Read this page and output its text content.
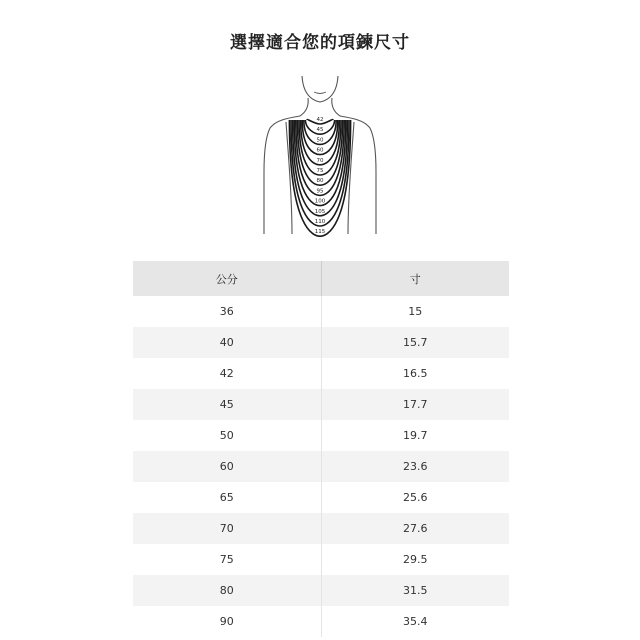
選擇適合您的項鍊尺寸
42
45
50
60
70
75
80
95
100
105
110
115
公分	寸
36	15
40	15.7
42	16.5
45	17.7
50	19.7
60	23.6
65	25.6
70	27.6
75	29.5
80	31.5
90	35.4
